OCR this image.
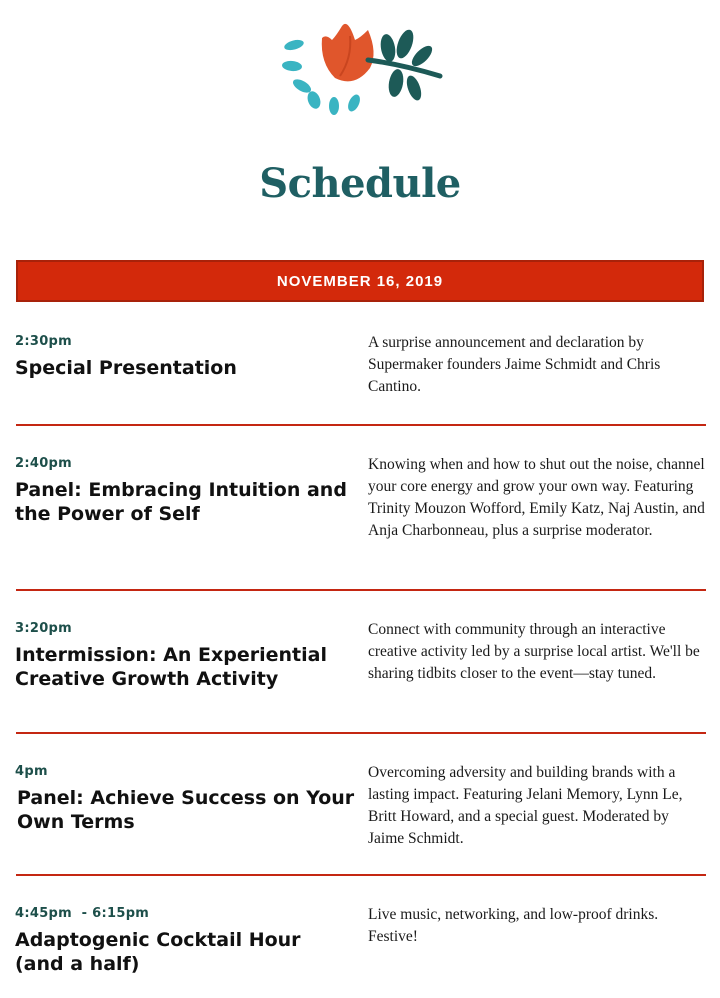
Schedule
NOVEMBER 16, 2019
2:30pm
Special Presentation
A surprise announcement and declaration by Supermaker founders Jaime Schmidt and Chris Cantino.
2:40pm
Panel: Embracing Intuition and the Power of Self
Knowing when and how to shut out the noise, channel your core energy and grow your own way. Featuring Trinity Mouzon Wofford, Emily Katz, Naj Austin, and Anja Charbonneau, plus a surprise moderator.
3:20pm
Intermission: An Experiential Creative Growth Activity
Connect with community through an interactive creative activity led by a surprise local artist. We'll be sharing tidbits closer to the event—stay tuned.
4pm
Panel: Achieve Success on Your Own Terms
Overcoming adversity and building brands with a lasting impact. Featuring Jelani Memory, Lynn Le, Britt Howard, and a special guest. Moderated by Jaime Schmidt.
4:45pm  - 6:15pm
Adaptogenic Cocktail Hour (and a half)
Live music, networking, and low-proof drinks. Festive!
